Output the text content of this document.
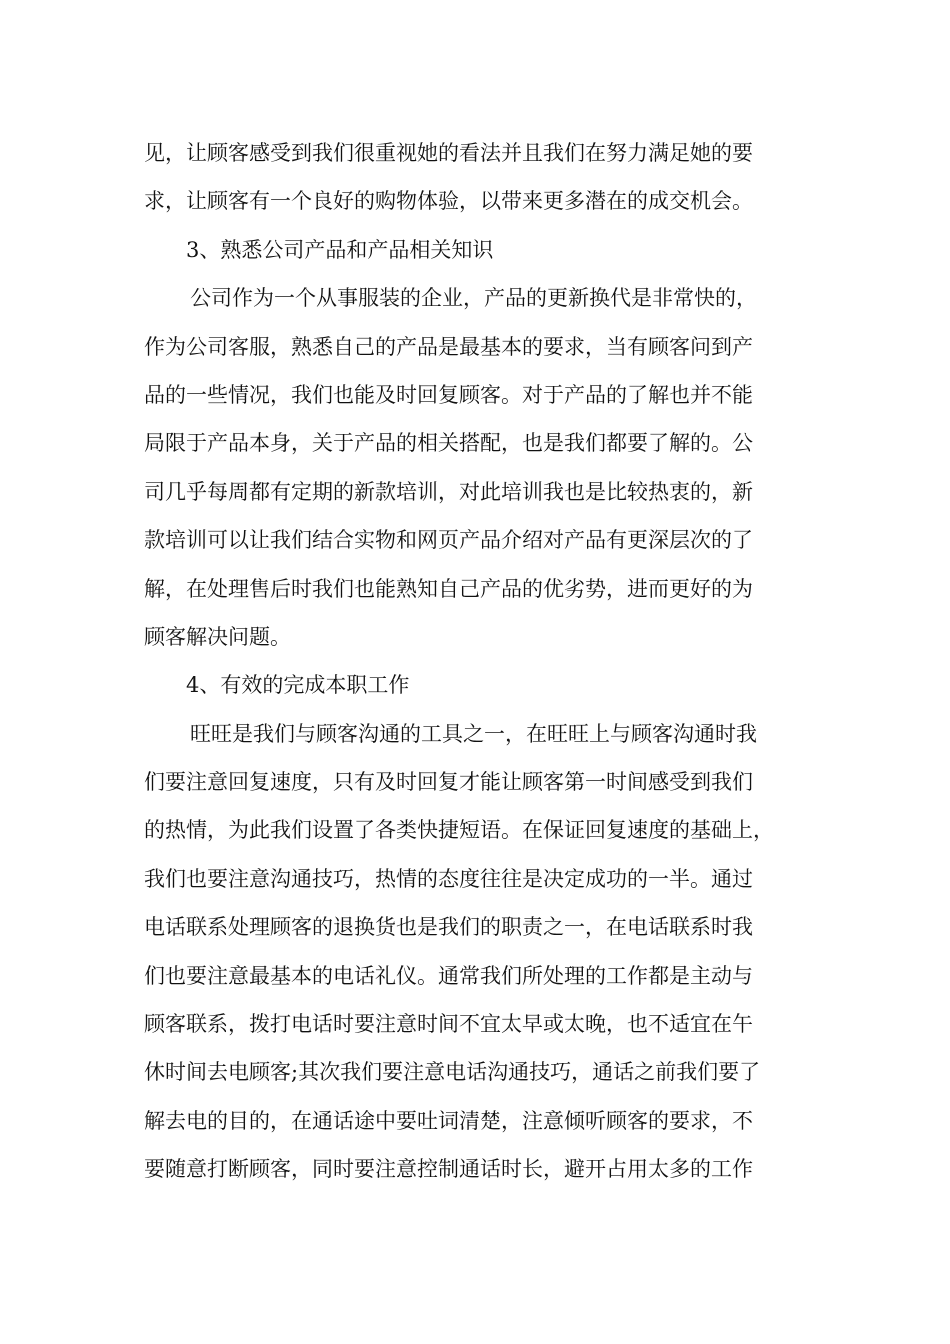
见，让顾客感受到我们很重视她的看法并且我们在努力满足她的要
求，让顾客有一个良好的购物体验，以带来更多潜在的成交机会。
3、熟悉公司产品和产品相关知识
公司作为一个从事服装的企业，产品的更新换代是非常快的，
作为公司客服，熟悉自己的产品是最基本的要求，当有顾客问到产
品的一些情况，我们也能及时回复顾客。对于产品的了解也并不能
局限于产品本身，关于产品的相关搭配，也是我们都要了解的。公
司几乎每周都有定期的新款培训，对此培训我也是比较热衷的，新
款培训可以让我们结合实物和网页产品介绍对产品有更深层次的了
解，在处理售后时我们也能熟知自己产品的优劣势，进而更好的为
顾客解决问题。
4、有效的完成本职工作
旺旺是我们与顾客沟通的工具之一，在旺旺上与顾客沟通时我
们要注意回复速度，只有及时回复才能让顾客第一时间感受到我们
的热情，为此我们设置了各类快捷短语。在保证回复速度的基础上，
我们也要注意沟通技巧，热情的态度往往是决定成功的一半。通过
电话联系处理顾客的退换货也是我们的职责之一，在电话联系时我
们也要注意最基本的电话礼仪。通常我们所处理的工作都是主动与
顾客联系，拨打电话时要注意时间不宜太早或太晚，也不适宜在午
休时间去电顾客;其次我们要注意电话沟通技巧，通话之前我们要了
解去电的目的，在通话途中要吐词清楚，注意倾听顾客的要求，不
要随意打断顾客，同时要注意控制通话时长，避开占用太多的工作
